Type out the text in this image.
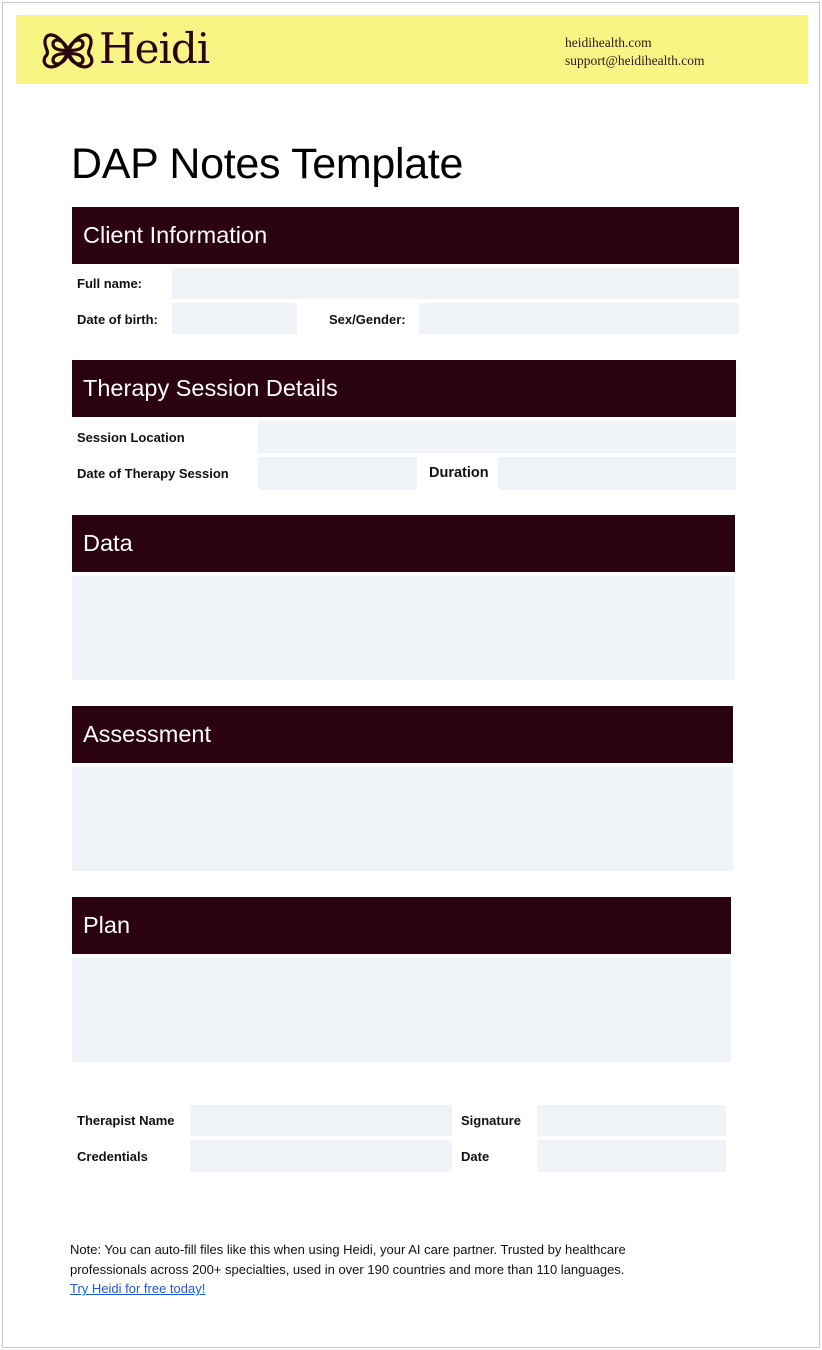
Heidi	heidihealth.com
support@heidihealth.com
DAP Notes Template
Client Information
Full name:
Date of birth:	Sex/Gender:
Therapy Session Details
Session Location
Date of Therapy Session	Duration
Data
Assessment
Plan
Therapist Name	Signature
Credentials	Date
Note: You can auto-fill files like this when using Heidi, your AI care partner. Trusted by healthcare professionals across 200+ specialties, used in over 190 countries and more than 110 languages.
Try Heidi for free today!
